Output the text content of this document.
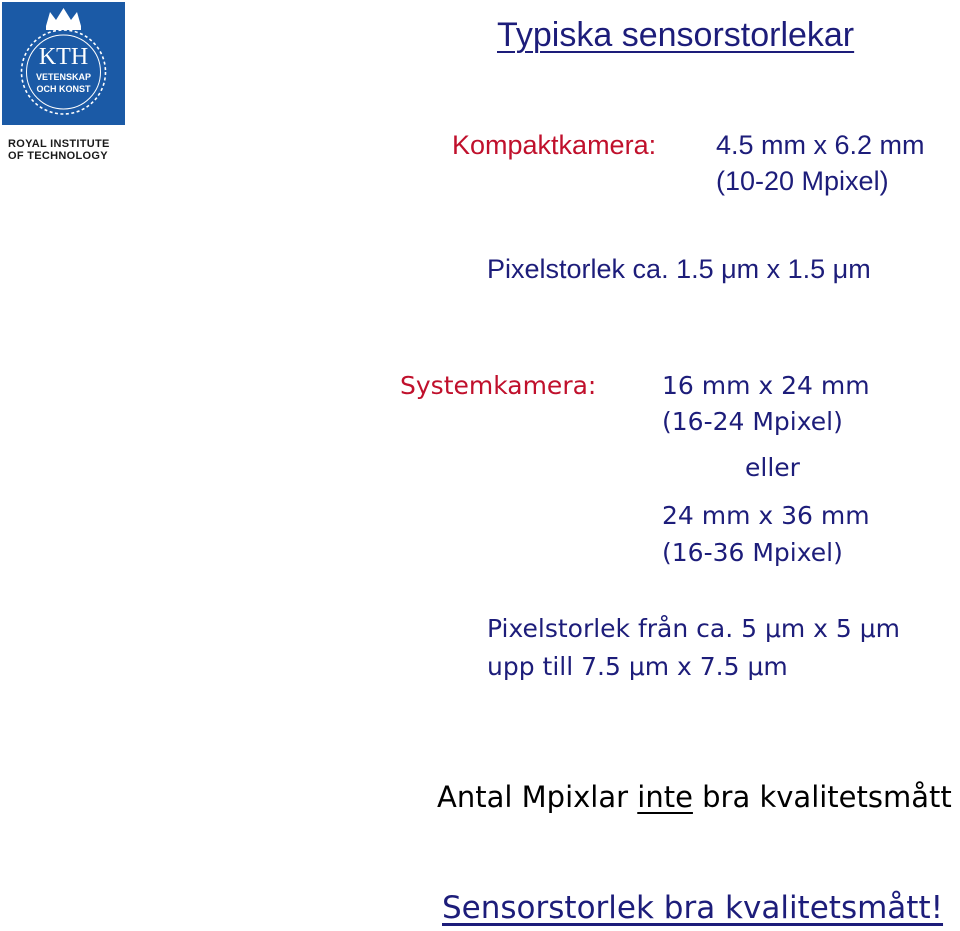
KTH
VETENSKAP
OCH KONST
ROYAL INSTITUTE
OF TECHNOLOGY
Typiska sensorstorlekar
Kompaktkamera: 4.5 mm x 6.2 mm
(10-20 Mpixel)
Pixelstorlek ca. 1.5 μm x 1.5 μm
Systemkamera:	16 mm x 24 mm
(16-24 Mpixel)
eller
24 mm x 36 mm
(16-36 Mpixel)
Pixelstorlek från ca. 5 μm x 5 μm
upp till 7.5 μm x 7.5 μm
Antal Mpixlar inte bra kvalitetsmått
Sensorstorlek bra kvalitetsmått!
